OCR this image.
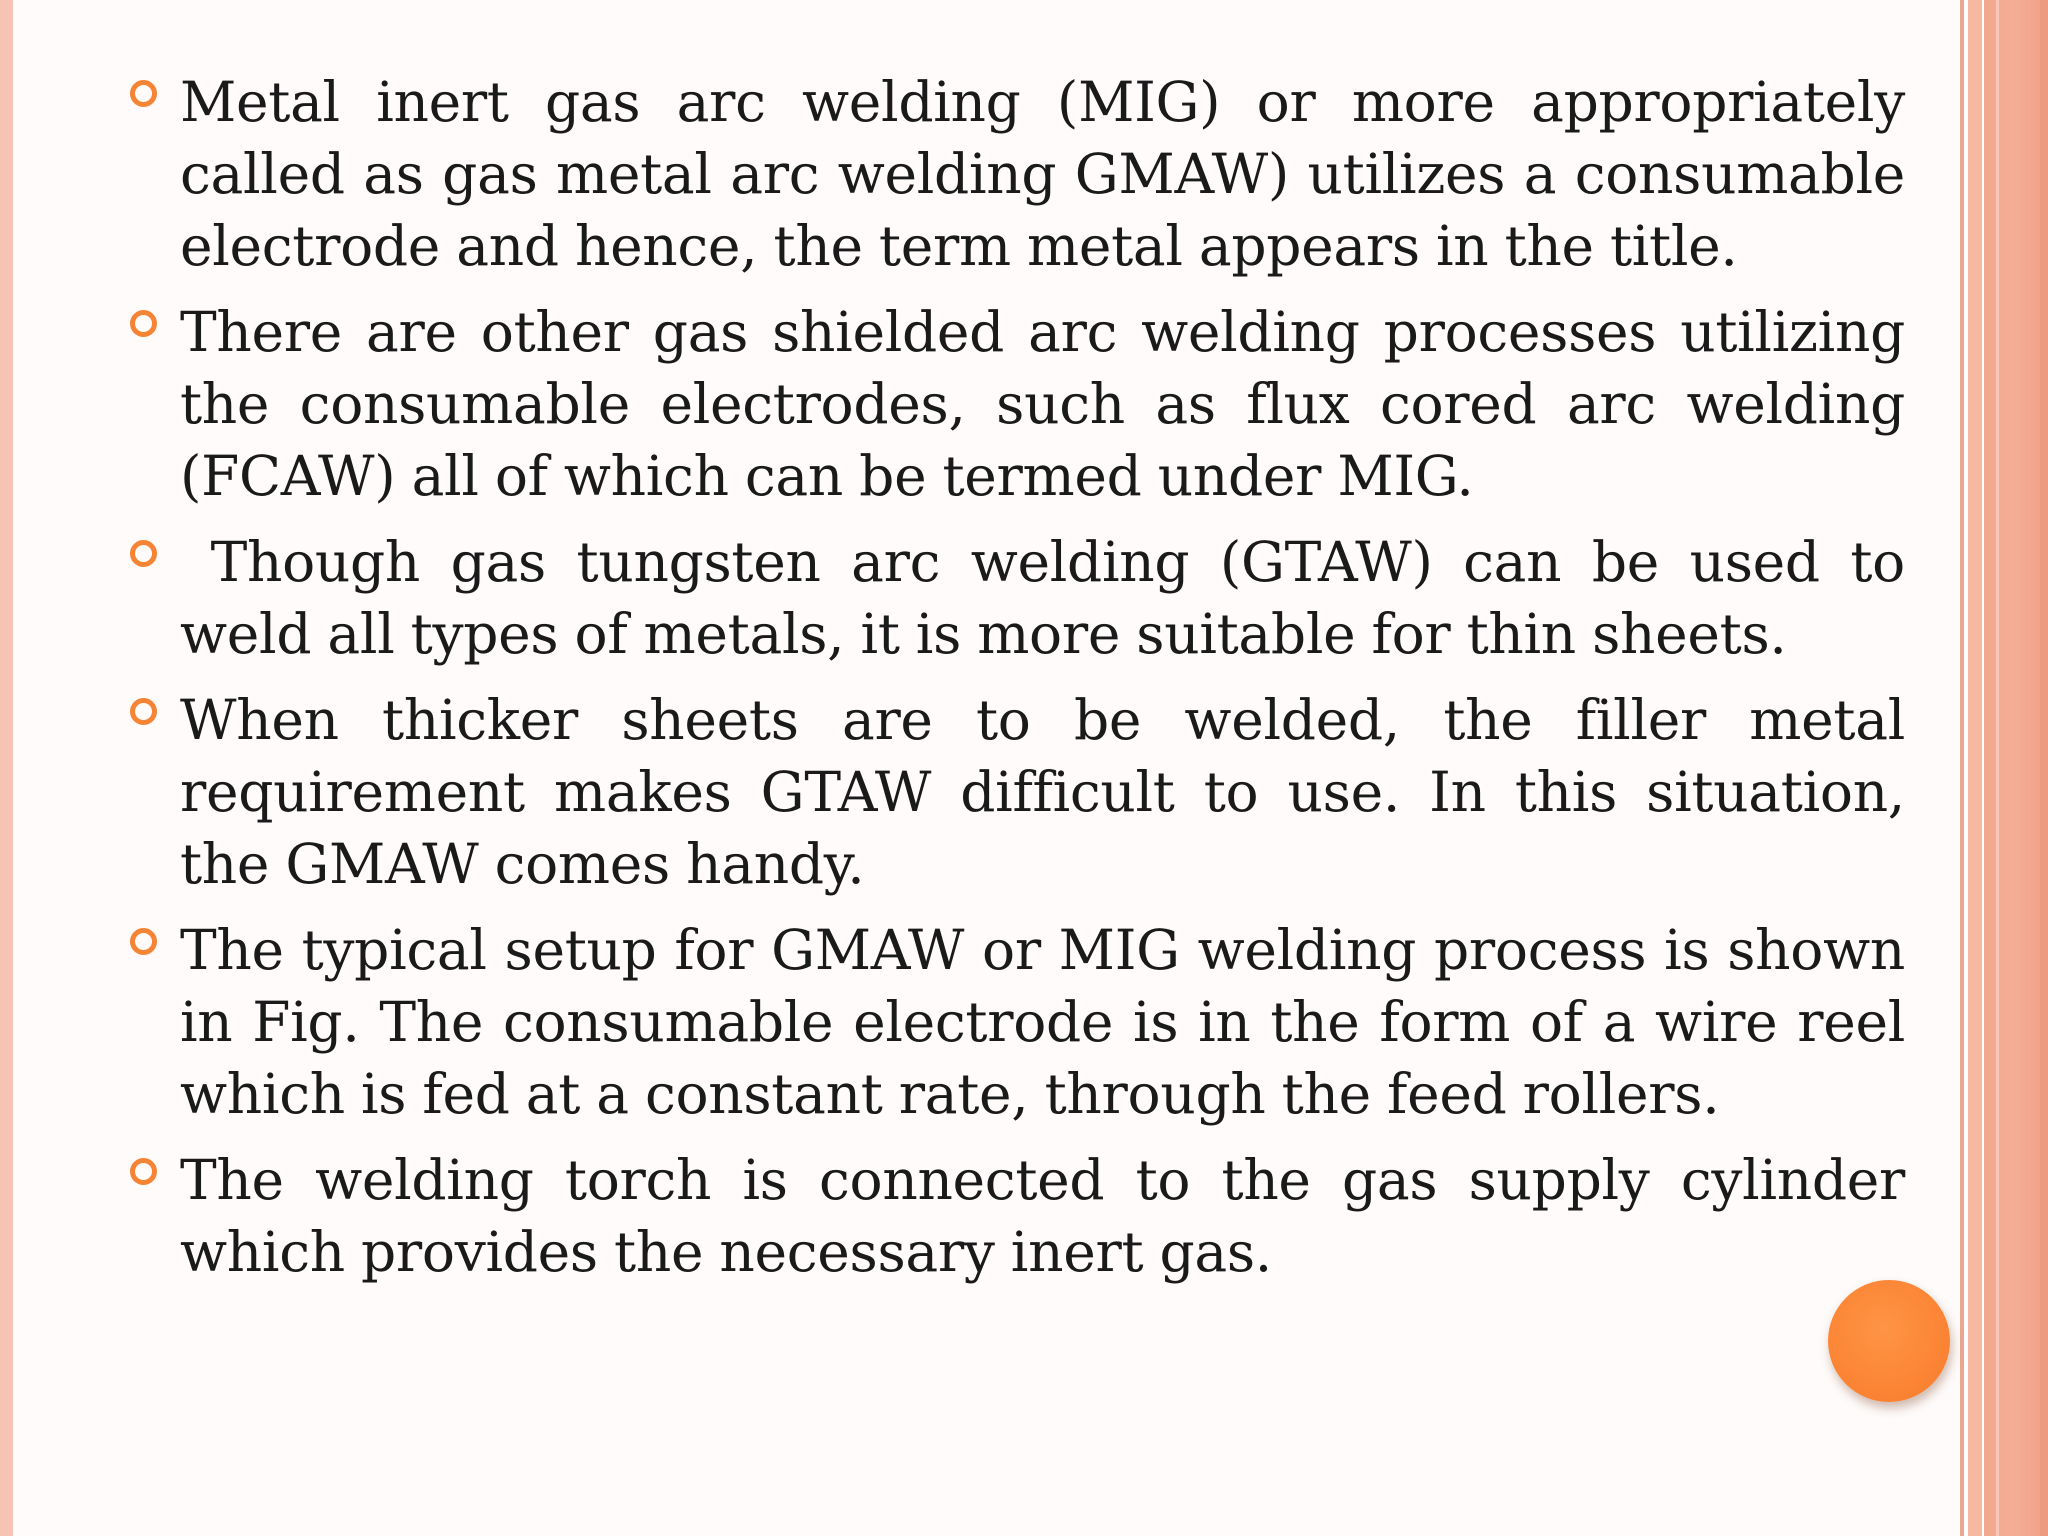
Metal inert gas arc welding (MIG) or more appropriately called as gas metal arc welding GMAW) utilizes a consumable electrode and hence, the term metal appears in the title.
There are other gas shielded arc welding processes utilizing the consumable electrodes, such as flux cored arc welding (FCAW) all of which can be termed under MIG.
Though gas tungsten arc welding (GTAW) can be used to weld all types of metals, it is more suitable for thin sheets.
When thicker sheets are to be welded, the filler metal requirement makes GTAW difficult to use. In this situation, the GMAW comes handy.
The typical setup for GMAW or MIG welding process is shown in Fig. The consumable electrode is in the form of a wire reel which is fed at a constant rate, through the feed rollers.
The welding torch is connected to the gas supply cylinder which provides the necessary inert gas.
